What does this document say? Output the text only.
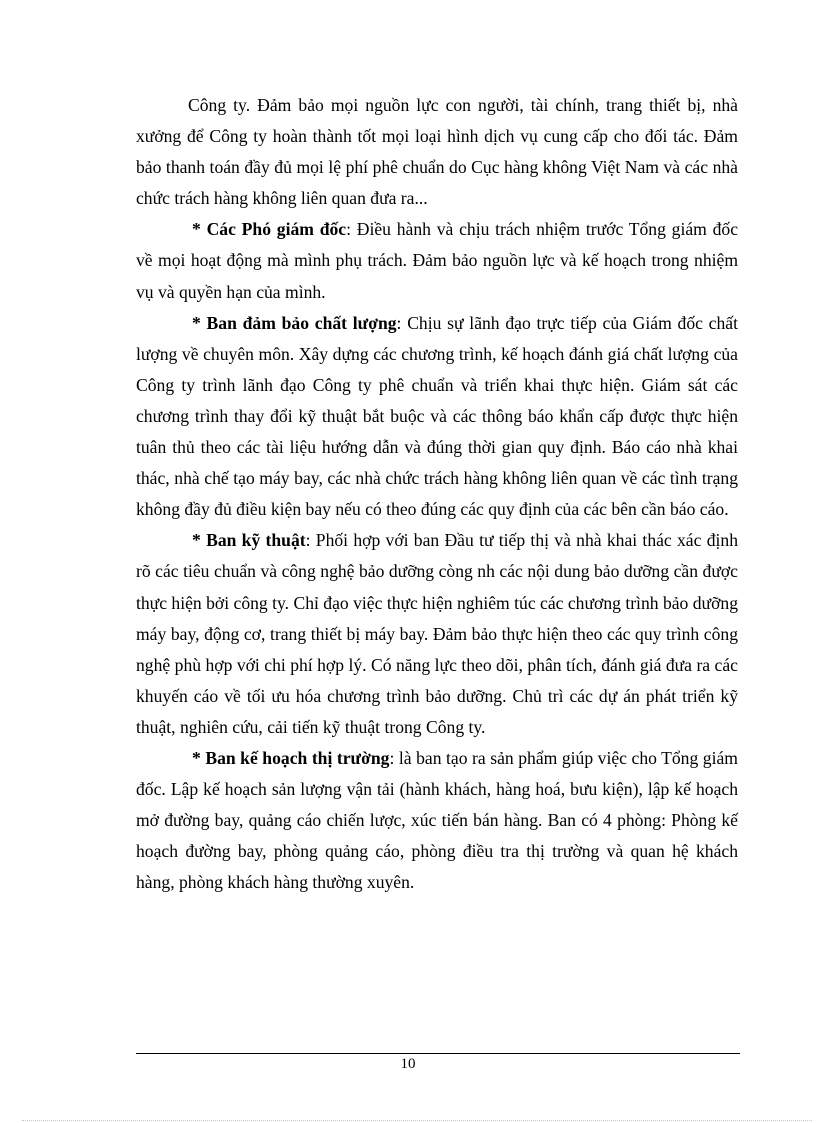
Công ty. Đảm bảo mọi nguồn lực con người, tài chính, trang thiết bị, nhà xưởng để Công ty hoàn thành tốt mọi loại hình dịch vụ cung cấp cho đối tác. Đảm bảo thanh toán đầy đủ mọi lệ phí phê chuẩn do Cục hàng không Việt Nam và các nhà chức trách hàng không liên quan đưa ra...

* Các Phó giám đốc: Điều hành và chịu trách nhiệm trước Tổng giám đốc về mọi hoạt động mà mình phụ trách. Đảm bảo nguồn lực và kế hoạch trong nhiệm vụ và quyền hạn của mình.

* Ban đảm bảo chất lượng: Chịu sự lãnh đạo trực tiếp của Giám đốc chất lượng về chuyên môn. Xây dựng các chương trình, kế hoạch đánh giá chất lượng của Công ty trình lãnh đạo Công ty phê chuẩn và triển khai thực hiện. Giám sát các chương trình thay đổi kỹ thuật bắt buộc và các thông báo khẩn cấp được thực hiện tuân thủ theo các tài liệu hướng dẫn và đúng thời gian quy định. Báo cáo nhà khai thác, nhà chế tạo máy bay, các nhà chức trách hàng không liên quan về các tình trạng không đầy đủ điều kiện bay nếu có theo đúng các quy định của các bên cần báo cáo.

* Ban kỹ thuật: Phối hợp với ban Đầu tư tiếp thị và nhà khai thác xác định rõ các tiêu chuẩn và công nghệ bảo dưỡng còng nh các nội dung bảo dưỡng cần được thực hiện bởi công ty. Chỉ đạo việc thực hiện nghiêm túc các chương trình bảo dưỡng máy bay, động cơ, trang thiết bị máy bay. Đảm bảo thực hiện theo các quy trình công nghệ phù hợp với chi phí hợp lý. Có năng lực theo dõi, phân tích, đánh giá đưa ra các khuyến cáo về tối ưu hóa chương trình bảo dưỡng. Chủ trì các dự án phát triển kỹ thuật, nghiên cứu, cải tiến kỹ thuật trong Công ty.

* Ban kế hoạch thị trường: là ban tạo ra sản phẩm giúp việc cho Tổng giám đốc. Lập kế hoạch sản lượng vận tải (hành khách, hàng hoá, bưu kiện), lập kế hoạch mở đường bay, quảng cáo chiến lược, xúc tiến bán hàng. Ban có 4 phòng: Phòng kế hoạch đường bay, phòng quảng cáo, phòng điều tra thị trường và quan hệ khách hàng, phòng khách hàng thường xuyên.

10
